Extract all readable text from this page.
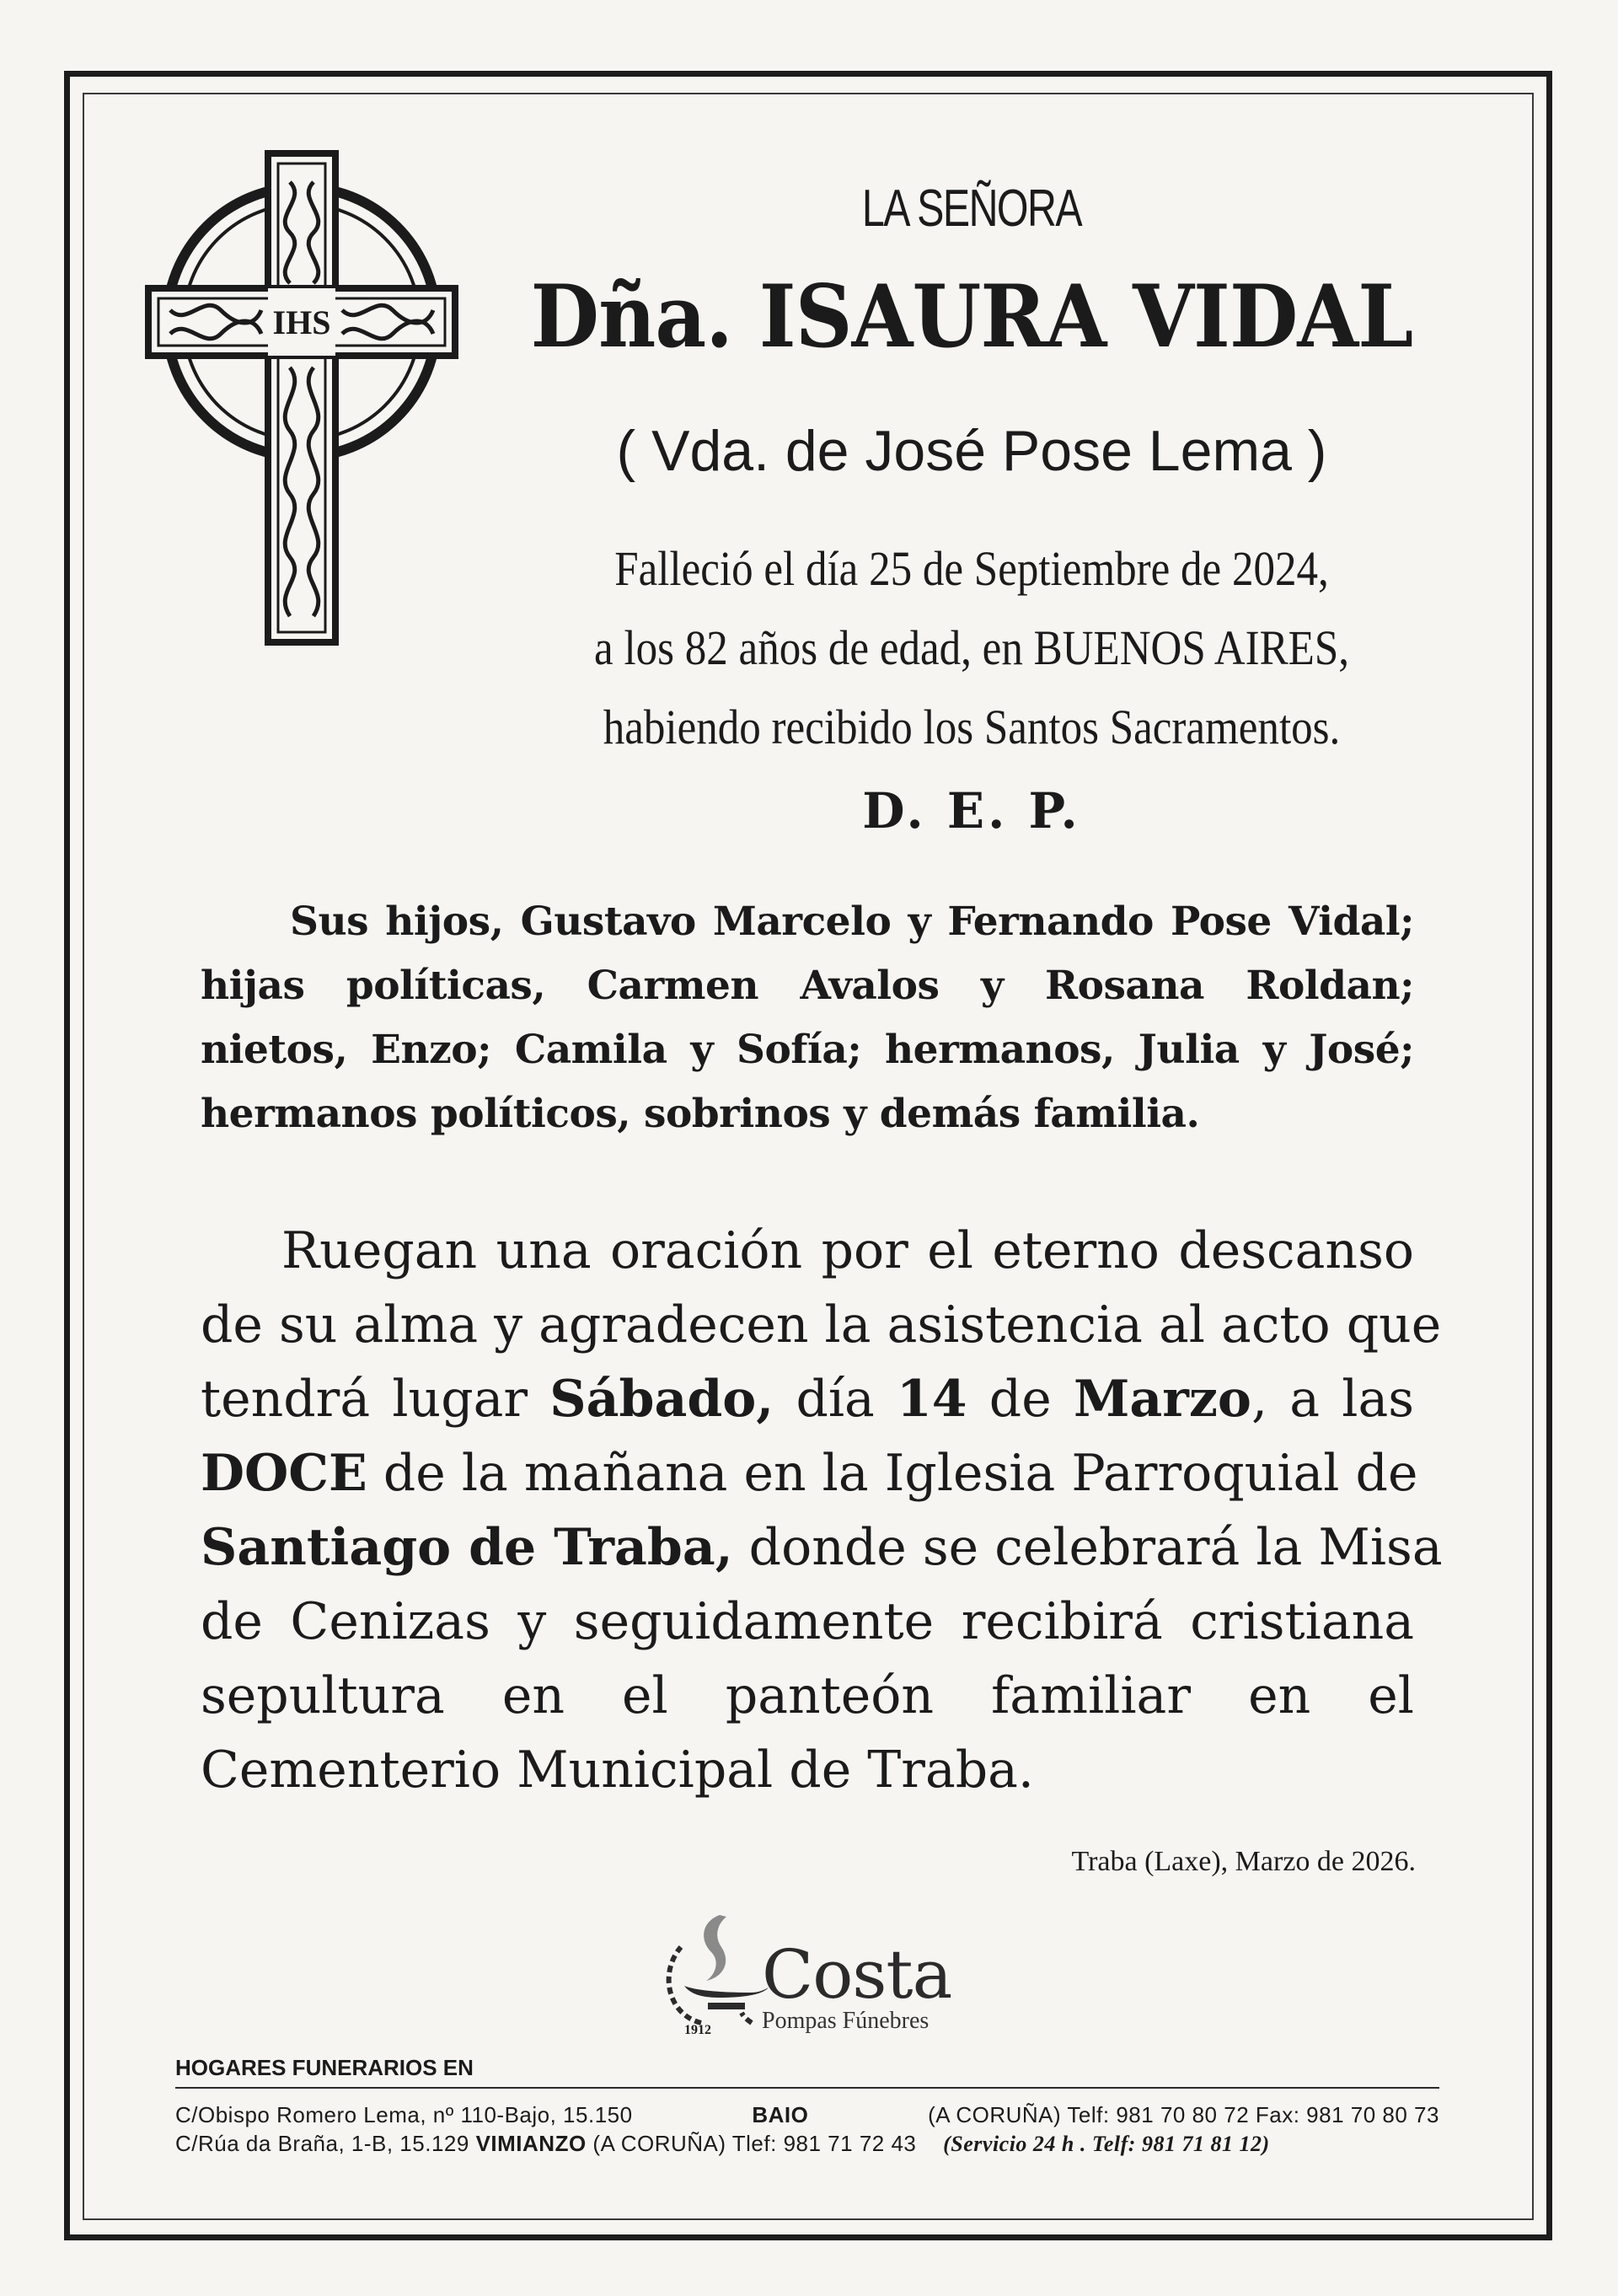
IHS
LA SEÑORA
Dña. ISAURA VIDAL
( Vda. de José Pose Lema )
Falleció el día 25 de Septiembre de 2024,
a los 82 años de edad, en BUENOS AIRES,
habiendo recibido los Santos Sacramentos.
D. E. P.
Sus hijos, Gustavo Marcelo y Fernando Pose Vidal;
hijas políticas, Carmen Avalos y Rosana Roldan;
nietos, Enzo; Camila y Sofía; hermanos, Julia y José;
hermanos políticos, sobrinos y demás familia.
Ruegan una oración por el eterno descanso
de su alma y agradecen la asistencia al acto que
tendrá lugar Sábado, día 14 de Marzo, a las
DOCE de la mañana en la Iglesia Parroquial de
Santiago de Traba, donde se celebrará la Misa
de Cenizas y seguidamente recibirá cristiana
sepultura en el panteón familiar en el
Cementerio Municipal de Traba.
Traba (Laxe), Marzo de 2026.
Costa
Pompas Fúnebres
1912
HOGARES FUNERARIOS EN
C/Obispo Romero Lema, nº 110-Bajo, 15.150	BAIO	(A CORUÑA) Telf: 981 70 80 72 Fax: 981 70 80 73
C/Rúa da Braña, 1-B, 15.129 VIMIANZO (A CORUÑA) Tlef: 981 71 72 43 (Servicio 24 h . Telf: 981 71 81 12)
